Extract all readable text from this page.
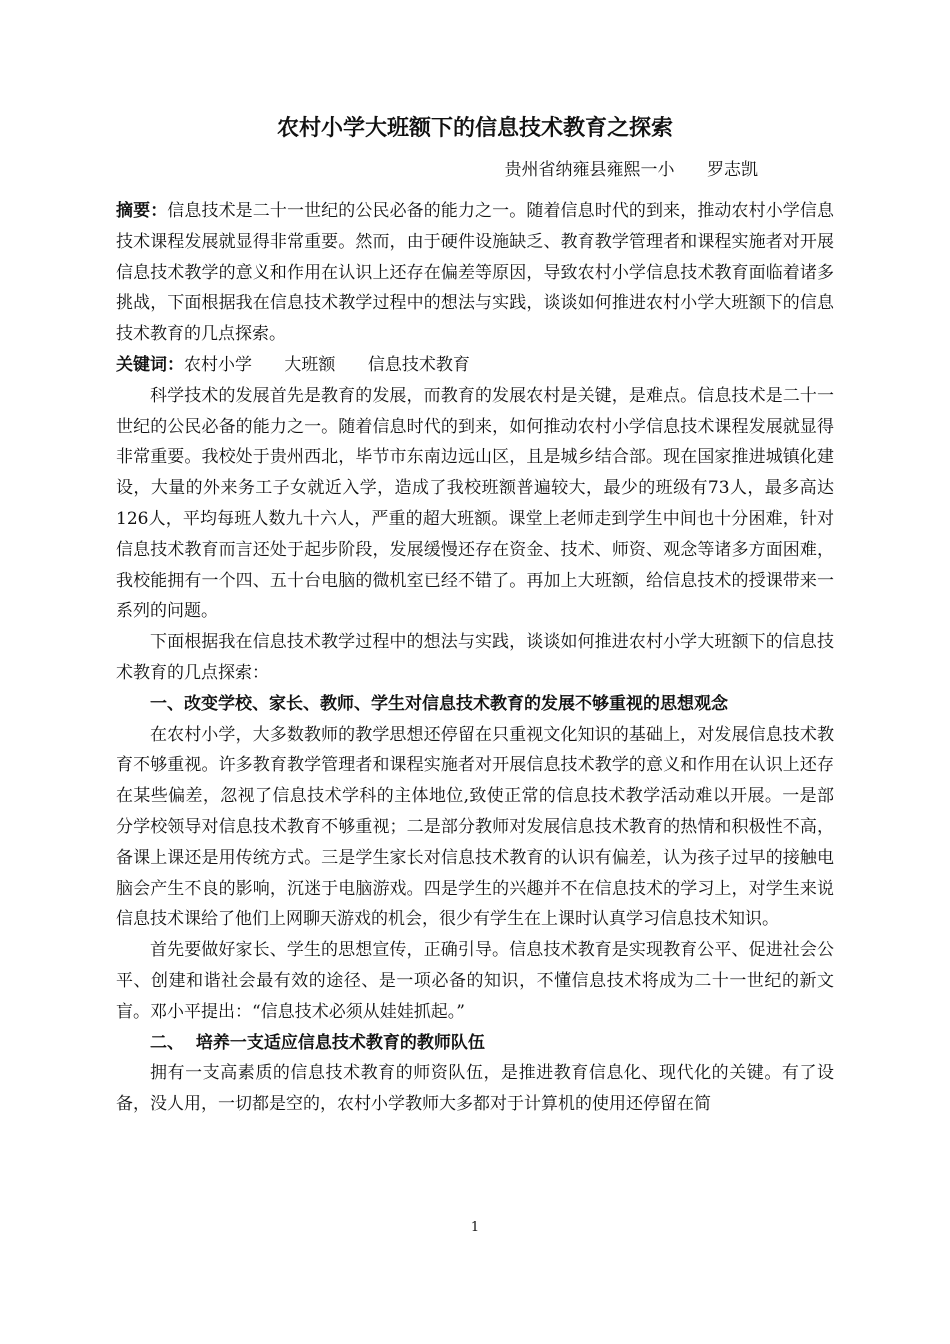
农村小学大班额下的信息技术教育之探索
贵州省纳雍县雍熙一小      罗志凯

摘要：信息技术是二十一世纪的公民必备的能力之一。随着信息时代的到来，推动农村小学信息技术课程发展就显得非常重要。然而，由于硬件设施缺乏、教育教学管理者和课程实施者对开展信息技术教学的意义和作用在认识上还存在偏差等原因，导致农村小学信息技术教育面临着诸多挑战，下面根据我在信息技术教学过程中的想法与实践，谈谈如何推进农村小学大班额下的信息技术教育的几点探索。

关键词：农村小学      大班额      信息技术教育

科学技术的发展首先是教育的发展，而教育的发展农村是关键，是难点。信息技术是二十一世纪的公民必备的能力之一。随着信息时代的到来，如何推动农村小学信息技术课程发展就显得非常重要。我校处于贵州西北，毕节市东南边远山区，且是城乡结合部。现在国家推进城镇化建设，大量的外来务工子女就近入学，造成了我校班额普遍较大，最少的班级有73人，最多高达126人，平均每班人数九十六人，严重的超大班额。课堂上老师走到学生中间也十分困难，针对信息技术教育而言还处于起步阶段，发展缓慢还存在资金、技术、师资、观念等诸多方面困难，我校能拥有一个四、五十台电脑的微机室已经不错了。再加上大班额，给信息技术的授课带来一系列的问题。

下面根据我在信息技术教学过程中的想法与实践，谈谈如何推进农村小学大班额下的信息技术教育的几点探索：

一、改变学校、家长、教师、学生对信息技术教育的发展不够重视的思想观念

在农村小学，大多数教师的教学思想还停留在只重视文化知识的基础上，对发展信息技术教育不够重视。许多教育教学管理者和课程实施者对开展信息技术教学的意义和作用在认识上还存在某些偏差，忽视了信息技术学科的主体地位,致使正常的信息技术教学活动难以开展。一是部分学校领导对信息技术教育不够重视；二是部分教师对发展信息技术教育的热情和积极性不高，备课上课还是用传统方式。三是学生家长对信息技术教育的认识有偏差，认为孩子过早的接触电脑会产生不良的影响，沉迷于电脑游戏。四是学生的兴趣并不在信息技术的学习上，对学生来说信息技术课给了他们上网聊天游戏的机会，很少有学生在上课时认真学习信息技术知识。

首先要做好家长、学生的思想宣传，正确引导。信息技术教育是实现教育公平、促进社会公平、创建和谐社会最有效的途径、是一项必备的知识，不懂信息技术将成为二十一世纪的新文盲。邓小平提出：“信息技术必须从娃娃抓起。”

二、  培养一支适应信息技术教育的教师队伍

拥有一支高素质的信息技术教育的师资队伍，是推进教育信息化、现代化的关键。有了设备，没人用，一切都是空的，农村小学教师大多都对于计算机的使用还停留在简

1
